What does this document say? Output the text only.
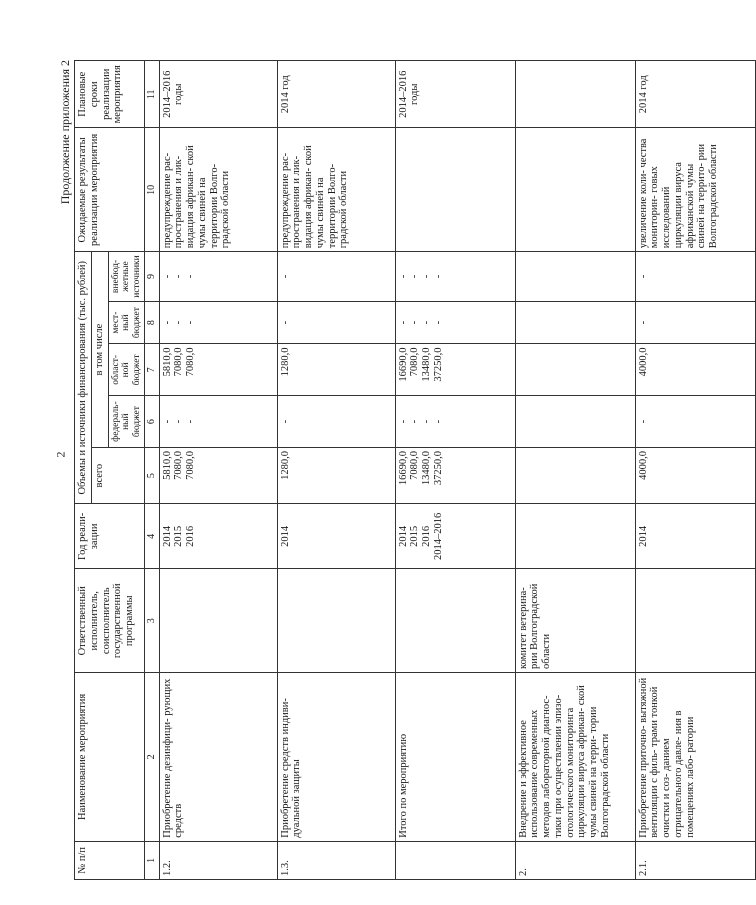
2
Продолжение приложения 2
№ п/п	Наименование мероприятия	Ответственный исполнитель, соисполнитель государственной программы	Год реали- зации	Объемы и источники финансирования (тыс. рублей)					Ожидаемые результаты реализации мероприятия	Плановые сроки реализации мероприятия
				всего	в том числе					
					федераль- ный бюджет	област- ной бюджет	мест- ный бюджет	внебюд- жетные источники		
1	2	3	4	5	6	7	8	9	10	11
1.2.	Приобретение дезинфици- рующих средств		2014 2015 2016	5810,0 7080,0 7080,0	- - -	5810,0 7080,0 7080,0	- - -	- - -	предупреждение рас- пространения и лик- видация африкан- ской чумы свиней на территории Волго- градской области	2014–2016 годы
1.3.	Приобретение средств индиви- дуальной защиты		2014	1280,0	-	1280,0	-	-	предупреждение рас- пространения и лик- видация африкан- ской чумы свиней на территории Волго- градской области	2014 год
	Итого по мероприятию		2014 2015 2016 2014–2016	16690,0 7080,0 13480,0 37250,0	- - - -	16690,0 7080,0 13480,0 37250,0	- - - -	- - - -		2014–2016 годы
2.	Внедрение и эффективное использование современных методов лабораторной диагнос- тики при осуществлении эпизо- отологического мониторинга циркуляции вируса африкан- ской чумы свиней на терри- тории Волгоградской области	комитет ветерина- рии Волгоградской области								
2.1.	Приобретение приточно- вытяжной вентиляции с филь- трами тонкой очистки и соз- данием отрицательного давле- ния в помещениях лабо- ратории		2014	4000,0	-	4000,0	-	-	увеличение коли- чества мониторин- говых исследований циркуляции вируса африканской чумы свиней на террито- рии Волгоградской области	2014 год
